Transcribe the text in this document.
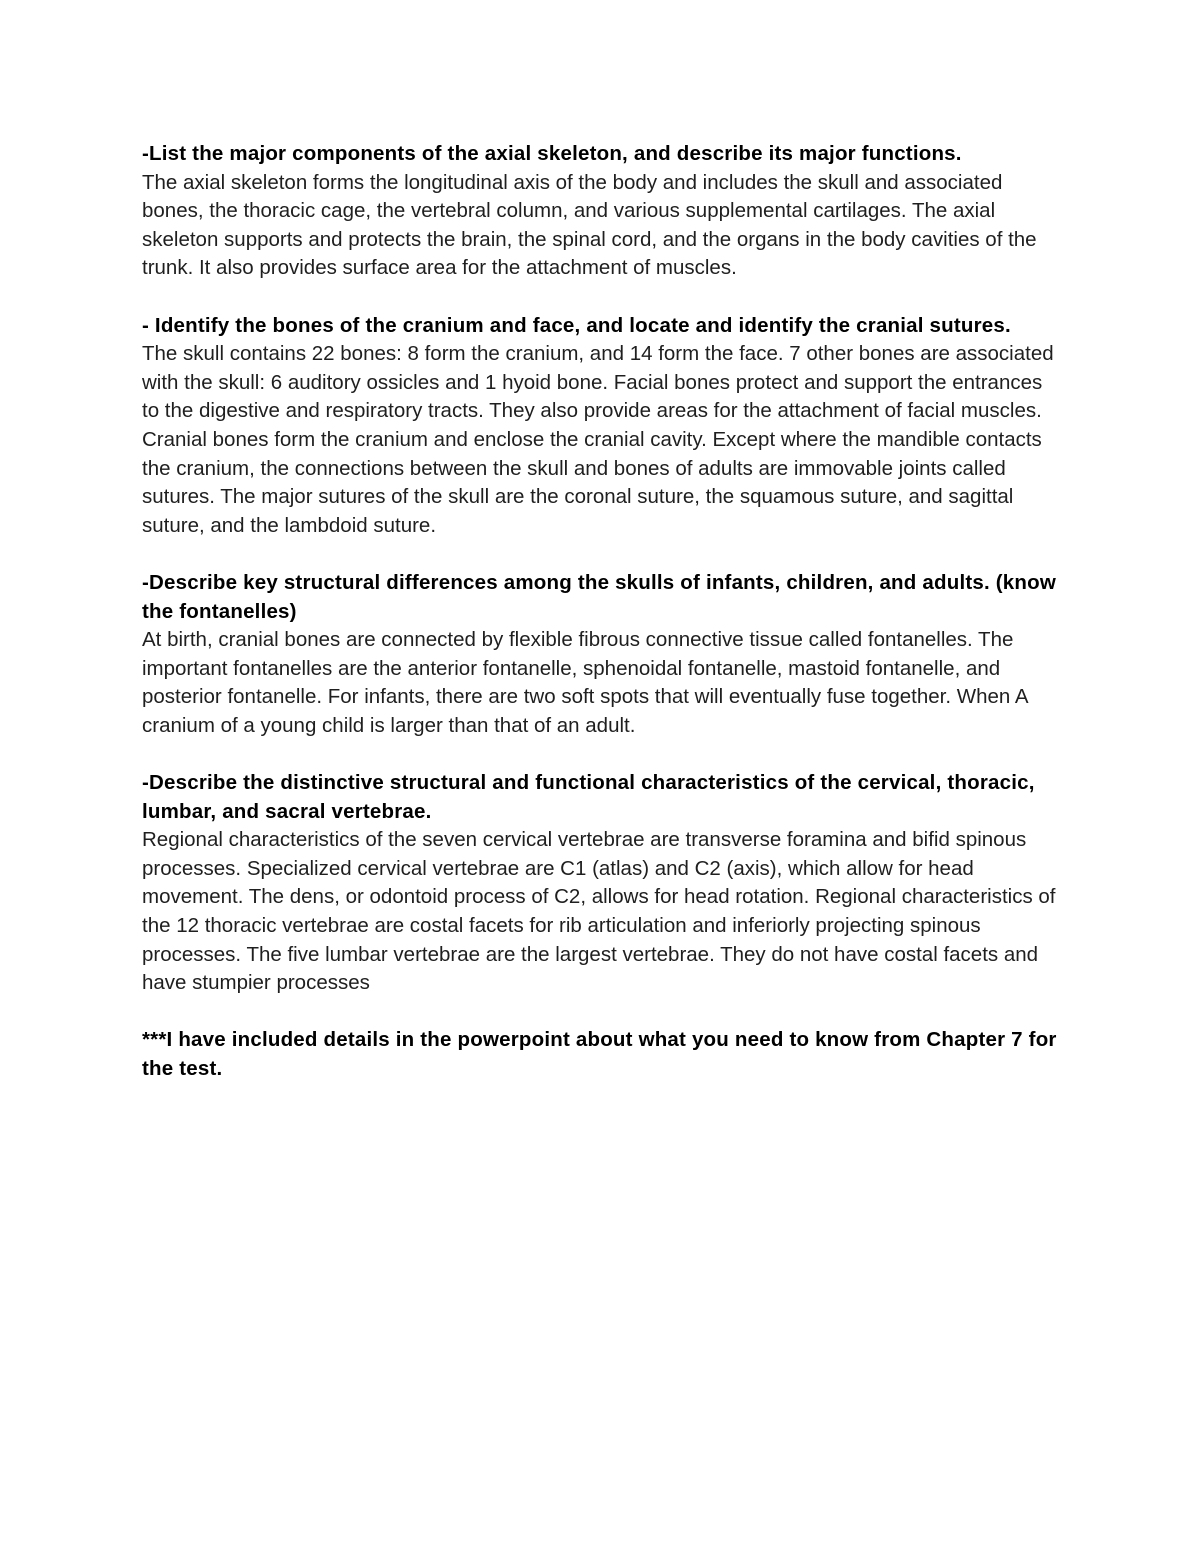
-List the major components of the axial skeleton, and describe its major functions.

The axial skeleton forms the longitudinal axis of the body and includes the skull and associated bones, the thoracic cage, the vertebral column, and various supplemental cartilages. The axial skeleton supports and protects the brain, the spinal cord, and the organs in the body cavities of the trunk. It also provides surface area for the attachment of muscles.

- Identify the bones of the cranium and face, and locate and identify the cranial sutures.

The skull contains 22 bones: 8 form the cranium, and 14 form the face. 7 other bones are associated with the skull: 6 auditory ossicles and 1 hyoid bone. Facial bones protect and support the entrances to the digestive and respiratory tracts. They also provide areas for the attachment of facial muscles. Cranial bones form the cranium and enclose the cranial cavity. Except where the mandible contacts the cranium, the connections between the skull and bones of adults are immovable joints called sutures. The major sutures of the skull are the coronal suture, the squamous suture, and sagittal suture, and the lambdoid suture.

-Describe key structural differences among the skulls of infants, children, and adults. (know the fontanelles)

At birth, cranial bones are connected by flexible fibrous connective tissue called fontanelles. The important fontanelles are the anterior fontanelle, sphenoidal fontanelle, mastoid fontanelle, and posterior fontanelle. For infants, there are two soft spots that will eventually fuse together. When A cranium of a young child is larger than that of an adult.

-Describe the distinctive structural and functional characteristics of the cervical, thoracic, lumbar, and sacral vertebrae.

Regional characteristics of the seven cervical vertebrae are transverse foramina and bifid spinous processes. Specialized cervical vertebrae are C1 (atlas) and C2 (axis), which allow for head movement. The dens, or odontoid process of C2, allows for head rotation. Regional characteristics of the 12 thoracic vertebrae are costal facets for rib articulation and inferiorly projecting spinous processes. The five lumbar vertebrae are the largest vertebrae. They do not have costal facets and have stumpier processes

***I have included details in the powerpoint about what you need to know from Chapter 7 for the test.
